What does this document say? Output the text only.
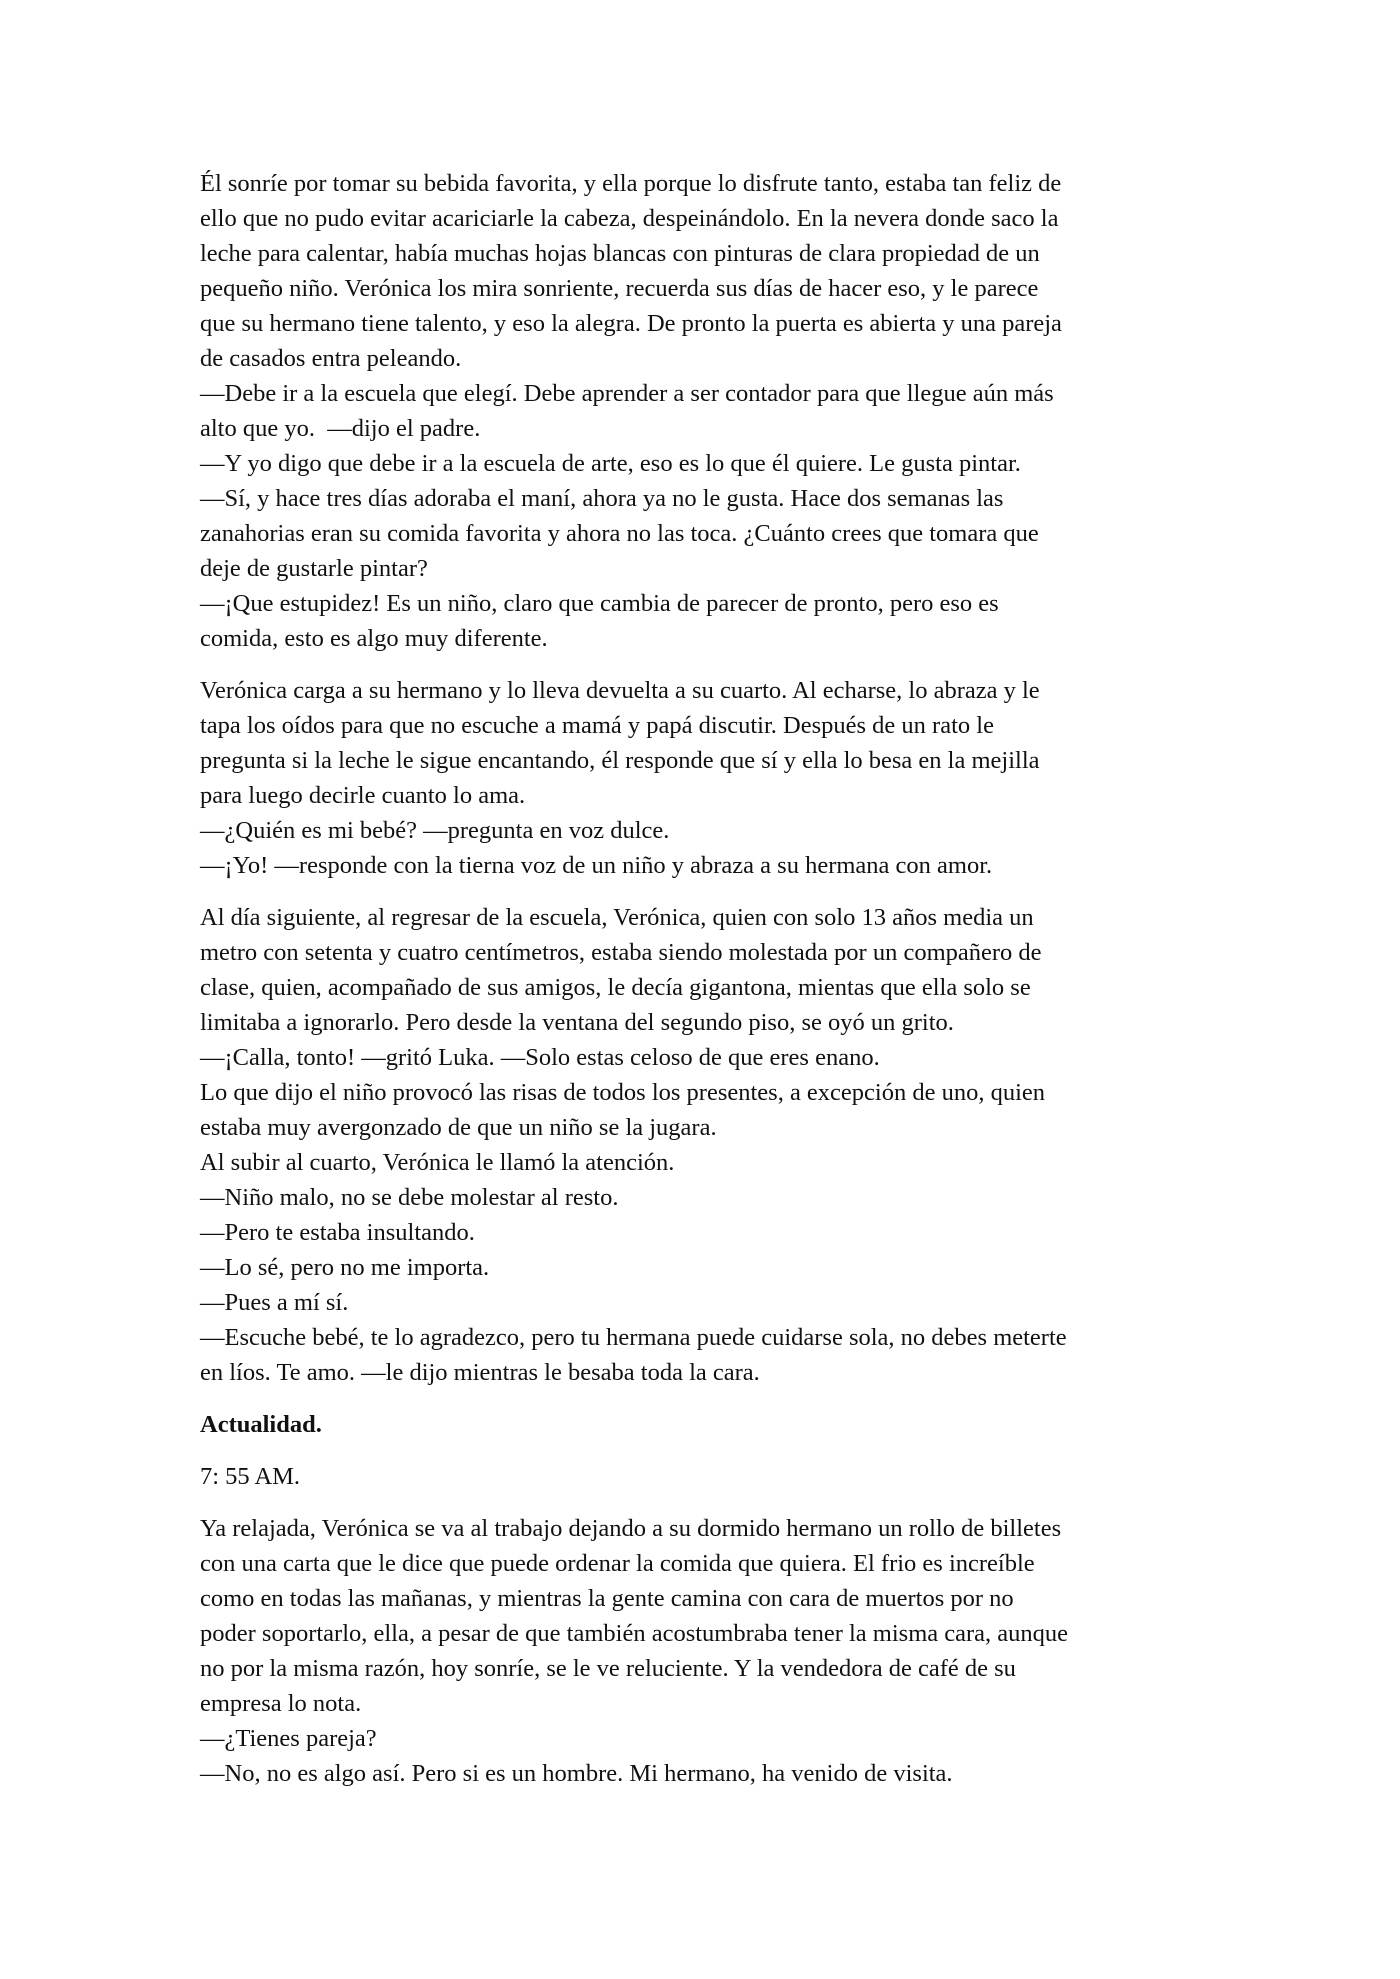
Él sonríe por tomar su bebida favorita, y ella porque lo disfrute tanto, estaba tan feliz de
ello que no pudo evitar acariciarle la cabeza, despeinándolo. En la nevera donde saco la
leche para calentar, había muchas hojas blancas con pinturas de clara propiedad de un
pequeño niño. Verónica los mira sonriente, recuerda sus días de hacer eso, y le parece
que su hermano tiene talento, y eso la alegra. De pronto la puerta es abierta y una pareja
de casados entra peleando.
—Debe ir a la escuela que elegí. Debe aprender a ser contador para que llegue aún más
alto que yo.  —dijo el padre.
—Y yo digo que debe ir a la escuela de arte, eso es lo que él quiere. Le gusta pintar.
—Sí, y hace tres días adoraba el maní, ahora ya no le gusta. Hace dos semanas las
zanahorias eran su comida favorita y ahora no las toca. ¿Cuánto crees que tomara que
deje de gustarle pintar?
—¡Que estupidez! Es un niño, claro que cambia de parecer de pronto, pero eso es
comida, esto es algo muy diferente.
Verónica carga a su hermano y lo lleva devuelta a su cuarto. Al echarse, lo abraza y le
tapa los oídos para que no escuche a mamá y papá discutir. Después de un rato le
pregunta si la leche le sigue encantando, él responde que sí y ella lo besa en la mejilla
para luego decirle cuanto lo ama.
—¿Quién es mi bebé? —pregunta en voz dulce.
—¡Yo! —responde con la tierna voz de un niño y abraza a su hermana con amor.
Al día siguiente, al regresar de la escuela, Verónica, quien con solo 13 años media un
metro con setenta y cuatro centímetros, estaba siendo molestada por un compañero de
clase, quien, acompañado de sus amigos, le decía gigantona, mientas que ella solo se
limitaba a ignorarlo. Pero desde la ventana del segundo piso, se oyó un grito.
—¡Calla, tonto! —gritó Luka. —Solo estas celoso de que eres enano.
Lo que dijo el niño provocó las risas de todos los presentes, a excepción de uno, quien
estaba muy avergonzado de que un niño se la jugara.
Al subir al cuarto, Verónica le llamó la atención.
—Niño malo, no se debe molestar al resto.
—Pero te estaba insultando.
—Lo sé, pero no me importa.
—Pues a mí sí.
—Escuche bebé, te lo agradezco, pero tu hermana puede cuidarse sola, no debes meterte
en líos. Te amo. —le dijo mientras le besaba toda la cara.
Actualidad.
7: 55 AM.
Ya relajada, Verónica se va al trabajo dejando a su dormido hermano un rollo de billetes
con una carta que le dice que puede ordenar la comida que quiera. El frio es increíble
como en todas las mañanas, y mientras la gente camina con cara de muertos por no
poder soportarlo, ella, a pesar de que también acostumbraba tener la misma cara, aunque
no por la misma razón, hoy sonríe, se le ve reluciente. Y la vendedora de café de su
empresa lo nota.
—¿Tienes pareja?
—No, no es algo así. Pero si es un hombre. Mi hermano, ha venido de visita.
